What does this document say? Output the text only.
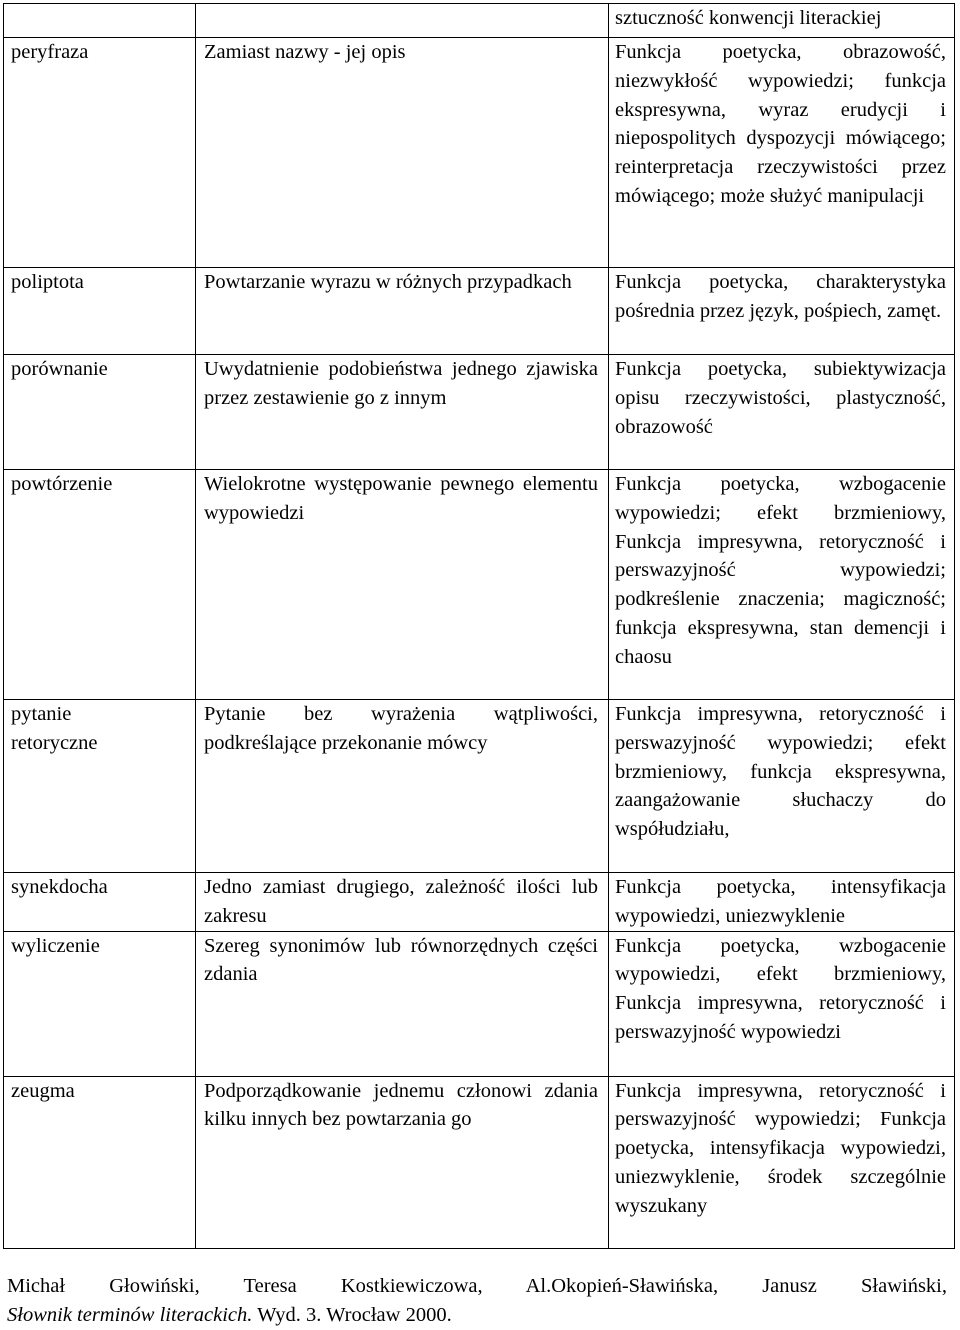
		sztuczność konwencji literackiej

peryfraza	Zamiast nazwy - jej opis	Funkcja poetycka, obrazowość, niezwykłość wypowiedzi; funkcja ekspresywna, wyraz erudycji i niepospolitych dyspozycji mówiącego; reinterpretacja rzeczywistości przez mówiącego; może służyć manipulacji

poliptota	Powtarzanie wyrazu w różnych przypadkach	Funkcja poetycka, charakterystyka pośrednia przez język, pośpiech, zamęt.

porównanie	Uwydatnienie podobieństwa jednego zjawiska przez zestawienie go z innym	Funkcja poetycka, subiektywizacja opisu rzeczywistości, plastyczność, obrazowość

powtórzenie	Wielokrotne występowanie pewnego elementu wypowiedzi	Funkcja poetycka, wzbogacenie wypowiedzi; efekt brzmieniowy, Funkcja impresywna, retoryczność i perswazyjność wypowiedzi; podkreślenie znaczenia; magiczność; funkcja ekspresywna, stan demencji i chaosu

pytanie retoryczne	Pytanie bez wyrażenia wątpliwości, podkreślające przekonanie mówcy	Funkcja impresywna, retoryczność i perswazyjność wypowiedzi; efekt brzmieniowy, funkcja ekspresywna, zaangażowanie słuchaczy do współudziału,

synekdocha	Jedno zamiast drugiego, zależność ilości lub zakresu	Funkcja poetycka, intensyfikacja wypowiedzi, uniezwyklenie

wyliczenie	Szereg synonimów lub równorzędnych części zdania	Funkcja poetycka, wzbogacenie wypowiedzi, efekt brzmieniowy, Funkcja impresywna, retoryczność i perswazyjność wypowiedzi

zeugma	Podporządkowanie jednemu członowi zdania kilku innych bez powtarzania go	Funkcja impresywna, retoryczność i perswazyjność wypowiedzi; Funkcja poetycka, intensyfikacja wypowiedzi, uniezwyklenie, środek szczególnie wyszukany
Michał Głowiński, Teresa Kostkiewiczowa, Al.Okopień-Sławińska, Janusz Sławiński,
Słownik terminów literackich. Wyd. 3. Wrocław 2000.
